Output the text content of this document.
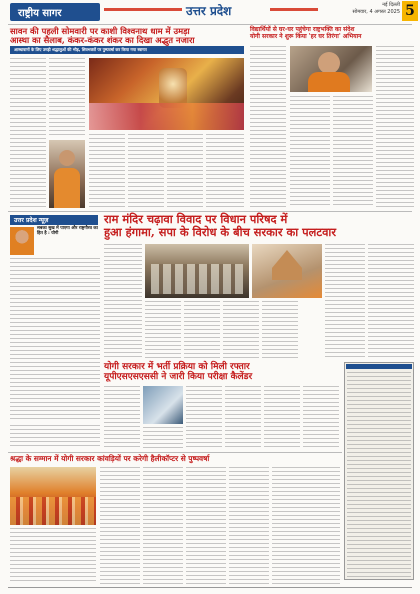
राष्ट्रीय सागर	उत्तर प्रदेश	नई दिल्ली
सोमवार, 4 अगस्त 2025 5
सावन की पहली सोमवारी पर काशी विश्वनाथ धाम में उमड़ा
आस्था का सैलाब, कंकर-कंकर शंकर का दिखा अद्भुत नजारा
आस्थावानों के लिए उमड़ी श्रद्धालुओं की भीड़, शिवभक्तों पर पुष्पवर्षा कर किया गया स्वागत
विद्यार्थियों से घर-घर पहुंचेगा राष्ट्रभक्ति का संदेश
योगी सरकार ने शुरू किया 'हर घर तिरंगा' अभियान
उत्तर प्रदेश न्यूज़
सबका सुख में पाएगा और राष्ट्रगौरव का हित है : योगी
राम मंदिर चढ़ावा विवाद पर विधान परिषद में
हुआ हंगामा, सपा के विरोध के बीच सरकार का पलटवार
योगी सरकार में भर्ती प्रक्रिया को मिली रफ्तार
यूपीएसएसएससी ने जारी किया परीक्षा कैलेंडर
श्रद्धा के सम्मान में योगी सरकार कांवड़ियों पर करेगी हैलीकॉप्टर से पुष्पवर्षा
